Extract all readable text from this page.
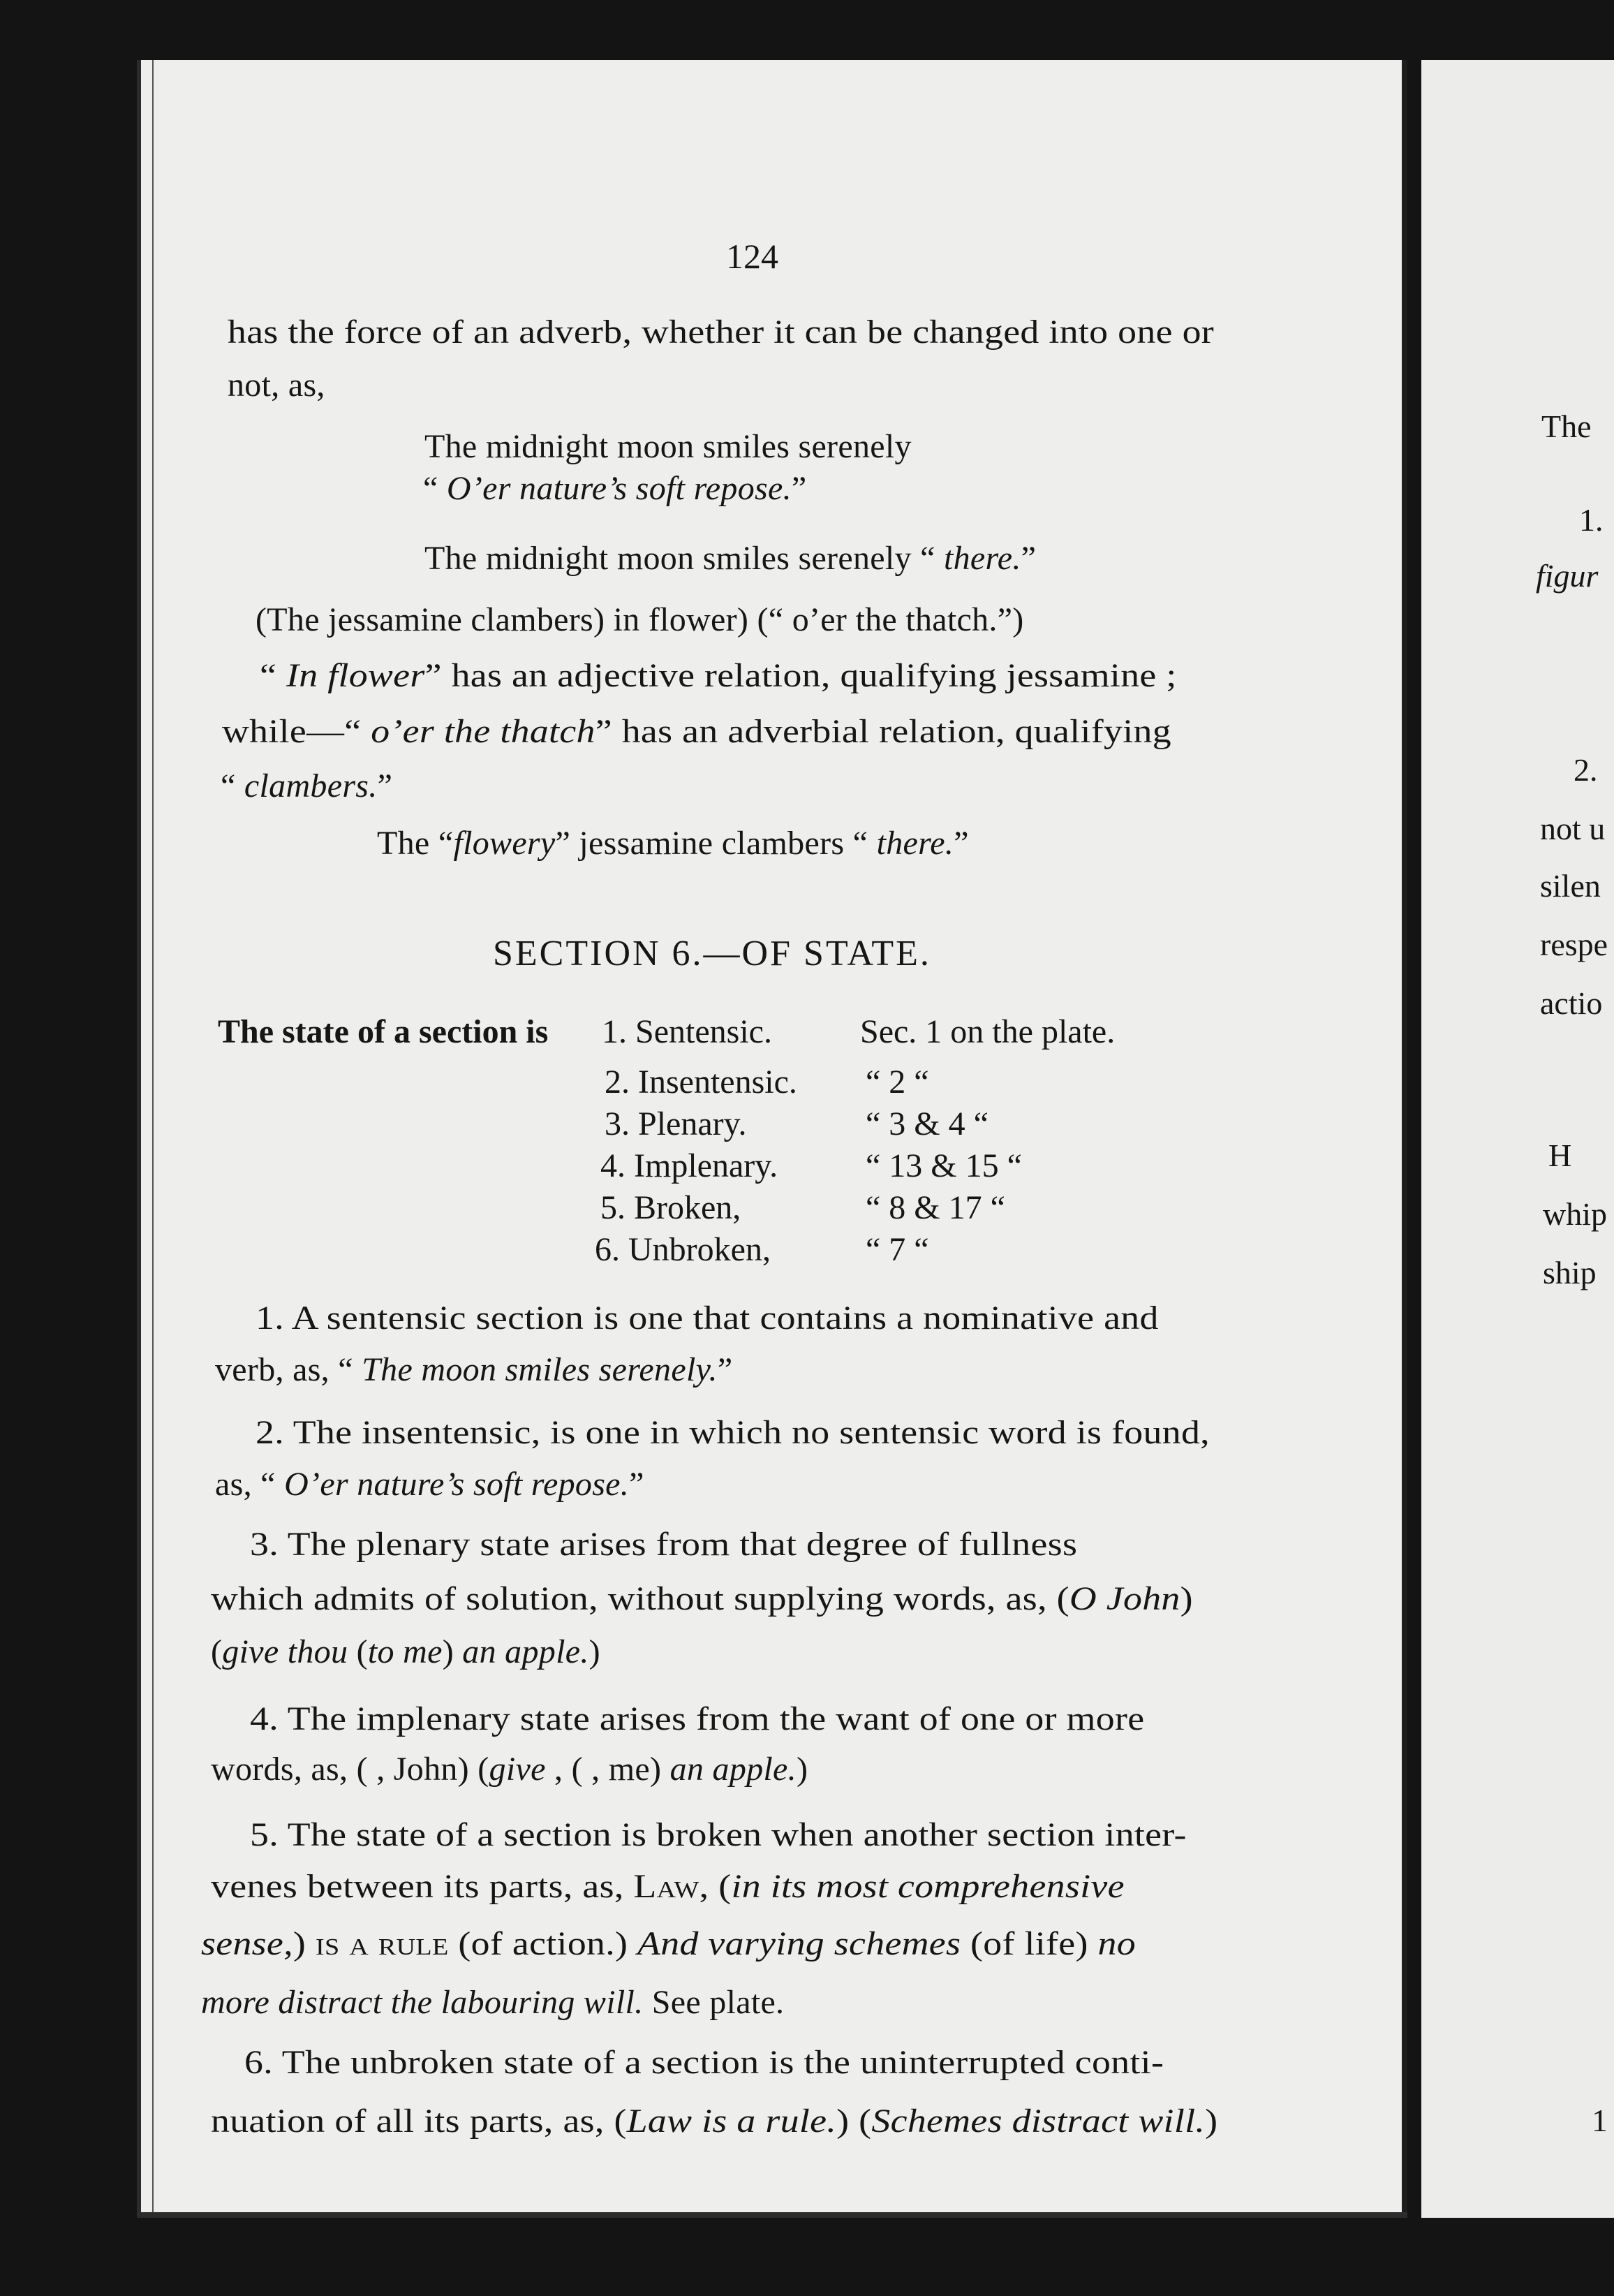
124
has the force of an adverb, whether it can be changed into one or
not, as,
The midnight moon smiles serenely
“ O’er nature’s soft repose.”
The midnight moon smiles serenely “ there.”
(The jessamine clambers) in flower) (“ o’er the thatch.”)
“ In flower” has an adjective relation, qualifying jessamine ;
while—“ o’er the thatch” has an adverbial relation, qualifying
“ clambers.”
The “flowery” jessamine clambers “ there.”
1. A sentensic section is one that contains a nominative and
verb, as, “ The moon smiles serenely.”
2. The insentensic, is one in which no sentensic word is found,
as, “ O’er nature’s soft repose.”
3. The plenary state arises from that degree of fullness
which admits of solution, without supplying words, as, (O John)
(give thou (to me) an apple.)
4. The implenary state arises from the want of one or more
words, as, ( , John) (give , ( , me) an apple.)
5. The state of a section is broken when another section inter-
venes between its parts, as, Law, (in its most comprehensive
sense,) is a rule (of action.) And varying schemes (of life) no
more distract the labouring will. See plate.
6. The unbroken state of a section is the uninterrupted conti-
nuation of all its parts, as, (Law is a rule.) (Schemes distract will.)
SECTION 6.—OF STATE.
The state of a section is 1. Sentensic.	Sec. 1 on the plate.
2. Insentensic. “ 2 “
3. Plenary.	“ 3 & 4 “
4. Implenary.	“ 13 & 15 “
5. Broken,	“ 8 & 17 “
6. Unbroken,	“ 7 “
The
1.
figur
2.
not u
silen
respe
actio
H
whip
ship
1
